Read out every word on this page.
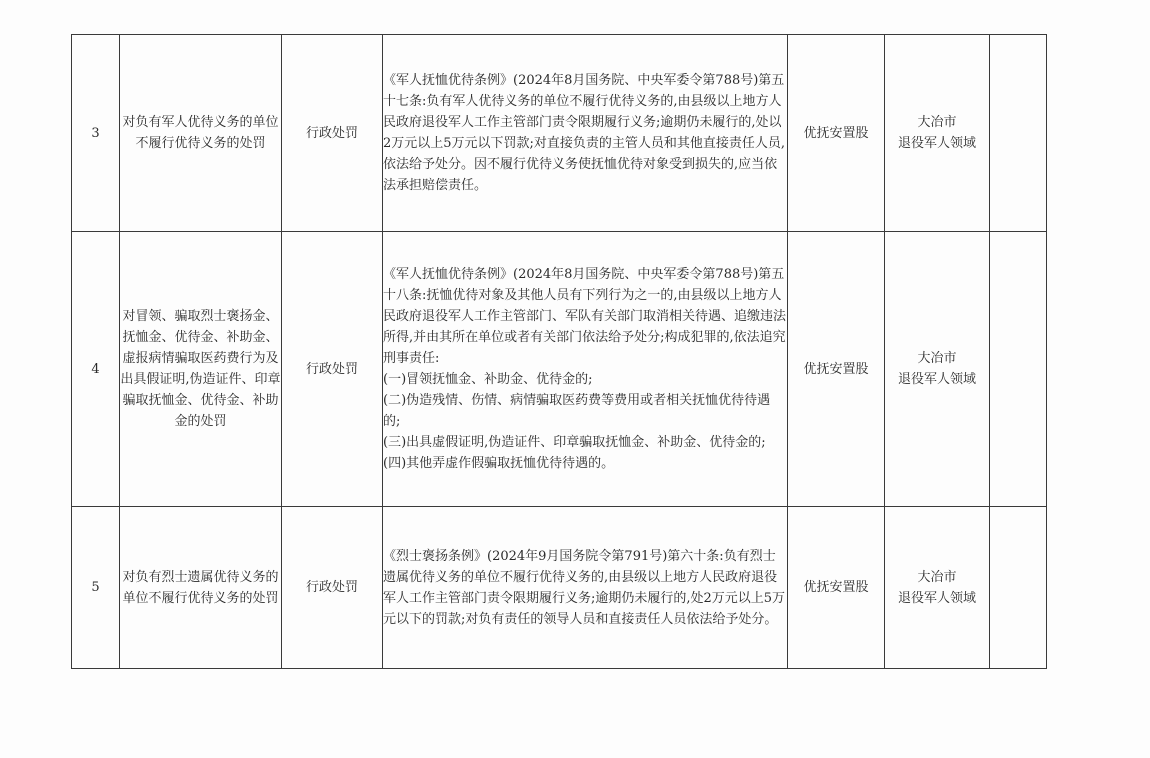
3	对负有军人优待义务的单位不履行优待义务的处罚	行政处罚	《军人抚恤优待条例》(2024年8月国务院、中央军委令第788号)第五十七条:负有军人优待义务的单位不履行优待义务的,由县级以上地方人民政府退役军人工作主管部门责令限期履行义务;逾期仍未履行的,处以2万元以上5万元以下罚款;对直接负责的主管人员和其他直接责任人员,依法给予处分。因不履行优待义务使抚恤优待对象受到损失的,应当依法承担赔偿责任。	优抚安置股	大冶市
退役军人领域	

4	对冒领、骗取烈士褒扬金、抚恤金、优待金、补助金、虚报病情骗取医药费行为及出具假证明,伪造证件、印章骗取抚恤金、优待金、补助金的处罚	行政处罚	《军人抚恤优待条例》(2024年8月国务院、中央军委令第788号)第五十八条:抚恤优待对象及其他人员有下列行为之一的,由县级以上地方人民政府退役军人工作主管部门、军队有关部门取消相关待遇、追缴违法所得,并由其所在单位或者有关部门依法给予处分;构成犯罪的,依法追究刑事责任:
(一)冒领抚恤金、补助金、优待金的;
(二)伪造残情、伤情、病情骗取医药费等费用或者相关抚恤优待待遇的;
(三)出具虚假证明,伪造证件、印章骗取抚恤金、补助金、优待金的;
(四)其他弄虚作假骗取抚恤优待待遇的。	优抚安置股	大冶市
退役军人领域	

5	对负有烈士遗属优待义务的单位不履行优待义务的处罚	行政处罚	《烈士褒扬条例》(2024年9月国务院令第791号)第六十条:负有烈士遗属优待义务的单位不履行优待义务的,由县级以上地方人民政府退役军人工作主管部门责令限期履行义务;逾期仍未履行的,处2万元以上5万元以下的罚款;对负有责任的领导人员和直接责任人员依法给予处分。	优抚安置股	大冶市
退役军人领域	
